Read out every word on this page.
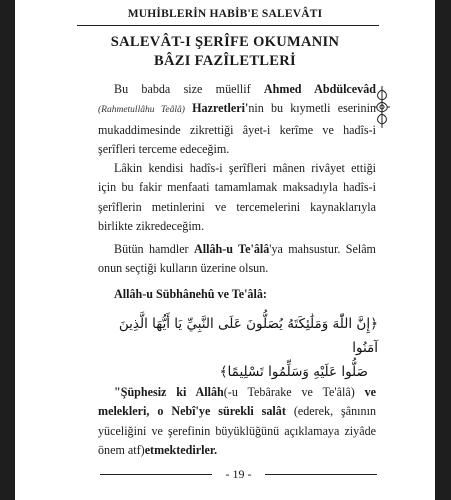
MUHİBLERİN HABİB'E SALEVÂTI
SALEVÂT-I ŞERÎFE OKUMANIN
BÂZI FAZÎLETLERİ

Bu babda size müellif Ahmed Abdülcevâd (Rahmetullâhu Teâlâ) Hazretleri'nin bu kıymetli eserinin mukaddimesinde zikrettiği âyet-i kerîme ve hadîs-i şerîfleri terceme edeceğim.

Lâkin kendisi hadîs-i şerîfleri mânen rivâyet ettiği için bu fakir menfaati tamamlamak maksadıyla hadîs-i şerîflerin metinlerini ve tercemelerini kaynaklarıyla birlikte zikredeceğim.

Bütün hamdler Allâh-u Te'âlâ'ya mahsustur. Selâm onun seçtiği kulların üzerine olsun.

Allâh-u Sübhânehû ve Te'âlâ:

﴿إِنَّ اللّٰهَ وَمَلَٰئِكَتَهُ يُصَلُّونَ عَلَى النَّبِيِّ يَا أَيُّهَا الَّذِينَ آمَنُوا
صَلُّوا عَلَيْهِ وَسَلِّمُوا تَسْلِيمًا﴾

"Şüphesiz ki Allâh(-u Tebârake ve Te'âlâ) ve melekleri, o Nebî'ye sürekli salât (ederek, şânının yüceliğini ve şerefinin büyüklüğünü açıklamaya ziyâde önem atf)etmektedirler.

- 19 -
